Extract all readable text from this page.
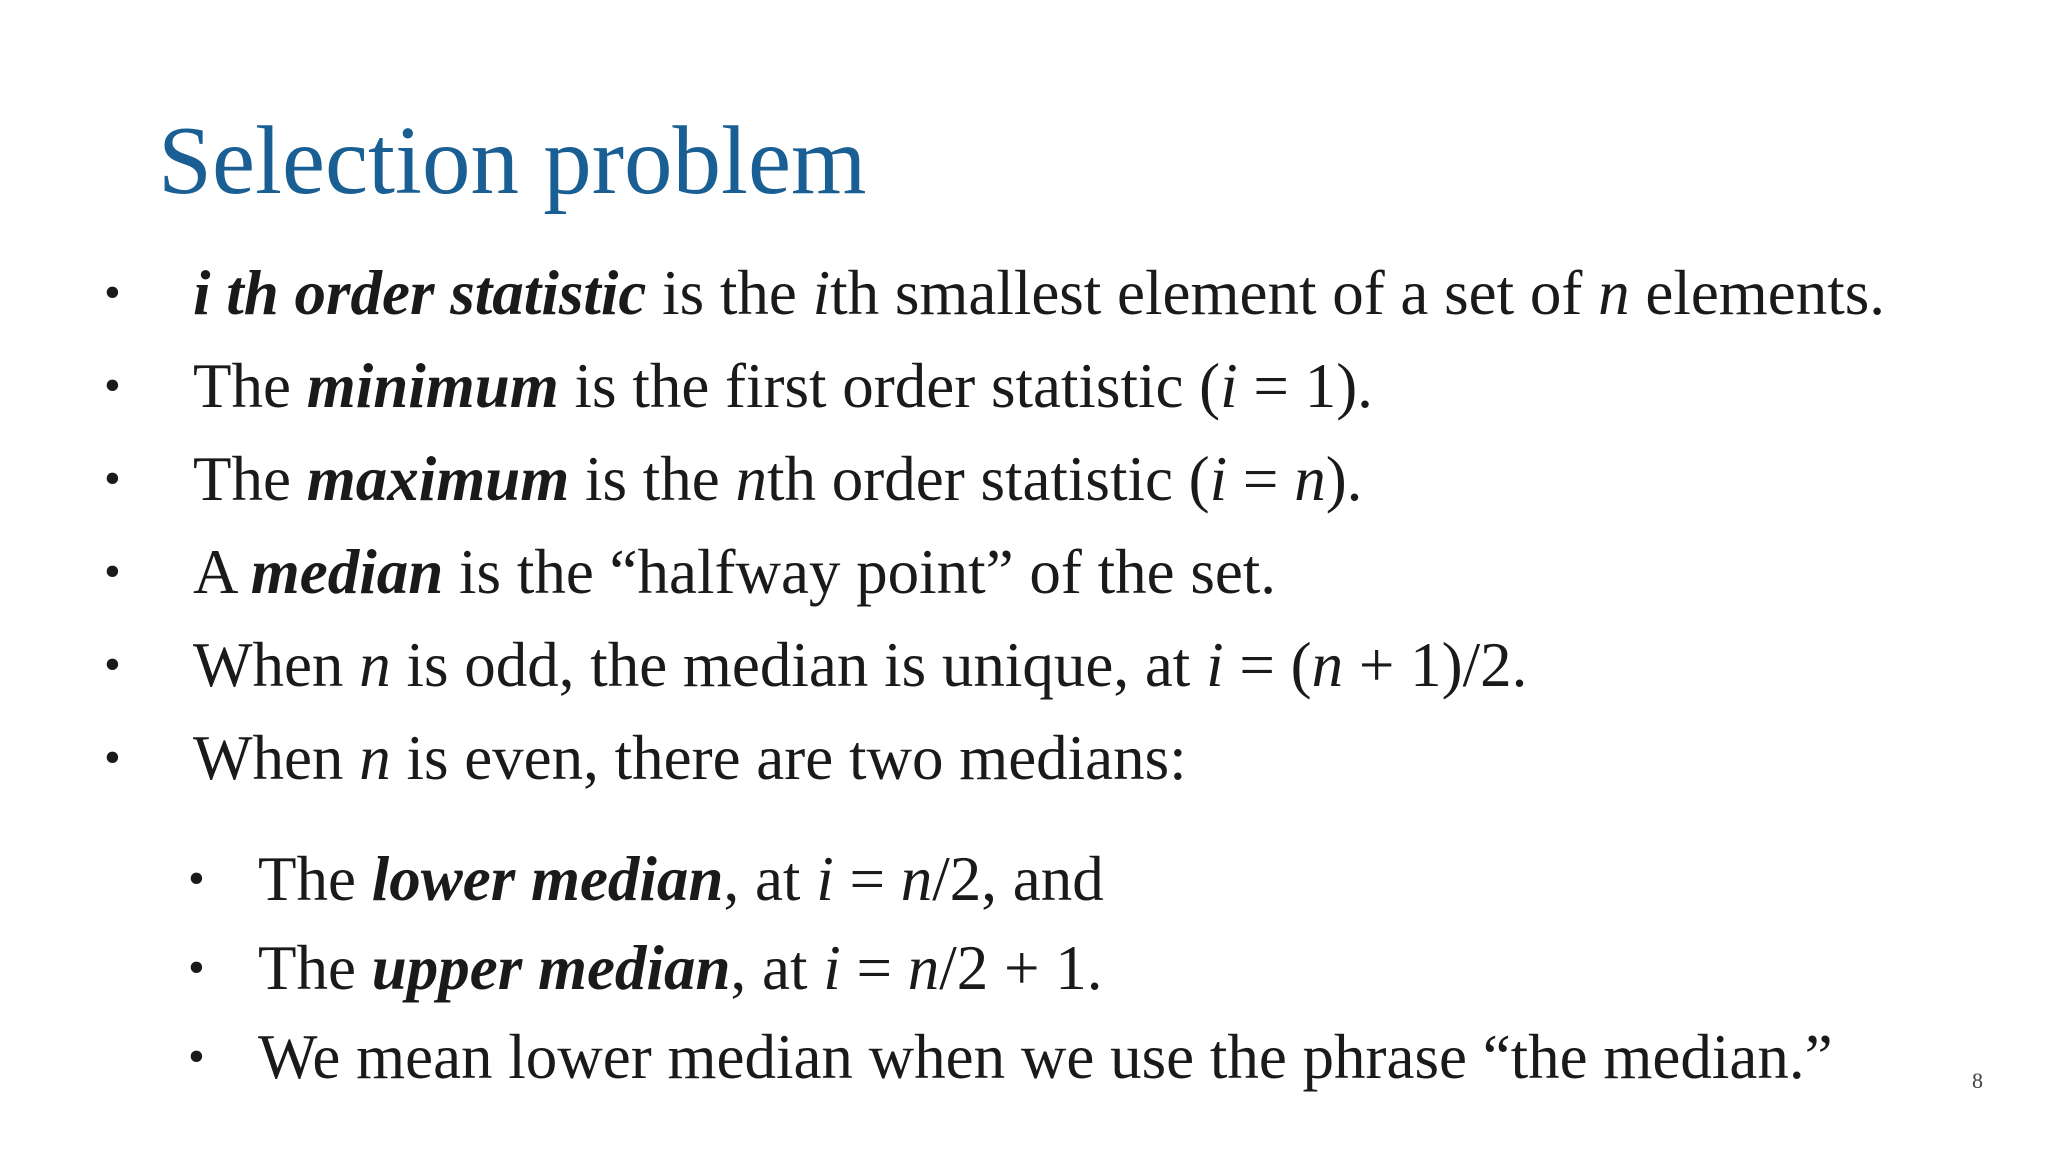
Selection problem
• i th order statistic is the ith smallest element of a set of n elements.
• The minimum is the first order statistic (i = 1).
• The maximum is the nth order statistic (i = n).
• A median is the “halfway point” of the set.
• When n is odd, the median is unique, at i = (n + 1)/2.
• When n is even, there are two medians:
• The lower median, at i = n/2, and
• The upper median, at i = n/2 + 1.
• We mean lower median when we use the phrase “the median.”	8
